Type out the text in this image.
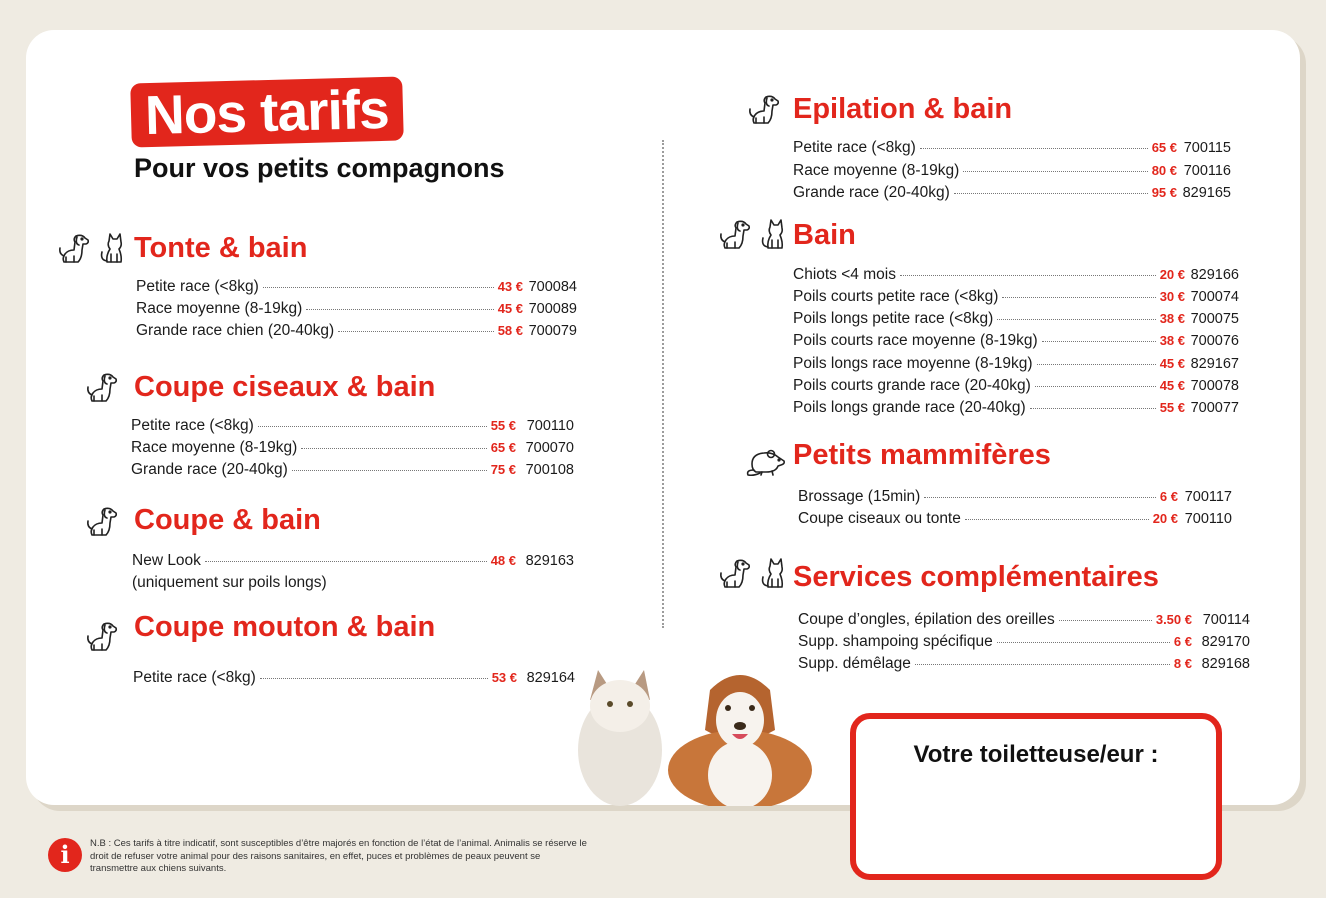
Nos tarifs
Pour vos petits compagnons
Tonte & bain
Petite race (<8kg)	43 € 700084
Race moyenne (8-19kg)	45 € 700089
Grande race chien (20-40kg)	58 € 700079
Coupe ciseaux & bain
Petite race (<8kg)	55 € 700110
Race moyenne (8-19kg)	65 € 700070
Grande race (20-40kg)	75 € 700108
Coupe & bain
New Look	48 € 829163
(uniquement sur poils longs)
Coupe mouton & bain
Petite race (<8kg)	53 € 829164
Epilation & bain
Petite race (<8kg)	65 € 700115
Race moyenne (8-19kg)	80 € 700116
Grande race (20-40kg)	95 € 829165
Bain
Chiots <4 mois	20 € 829166
Poils courts petite race (<8kg)	30 € 700074
Poils longs petite race (<8kg)	38 € 700075
Poils courts race moyenne (8-19kg)	38 € 700076
Poils longs race moyenne (8-19kg)	45 € 829167
Poils courts grande race (20-40kg)	45 € 700078
Poils longs grande race (20-40kg)	55 € 700077
Petits mammifères
Brossage (15min)	6 € 700117
Coupe ciseaux ou tonte	20 € 700110
Services complémentaires
Coupe d’ongles, épilation des oreilles	3.50 € 700114
Supp. shampoing spécifique	6 € 829170
Supp. démêlage	8 € 829168
Votre toiletteuse/eur :
i	N.B : Ces tarifs à titre indicatif, sont susceptibles d’être majorés en fonction de l’état de l’animal. Animalis se réserve le droit de refuser votre animal pour des raisons sanitaires, en effet, puces et problèmes de peaux peuvent se transmettre aux chiens suivants.
